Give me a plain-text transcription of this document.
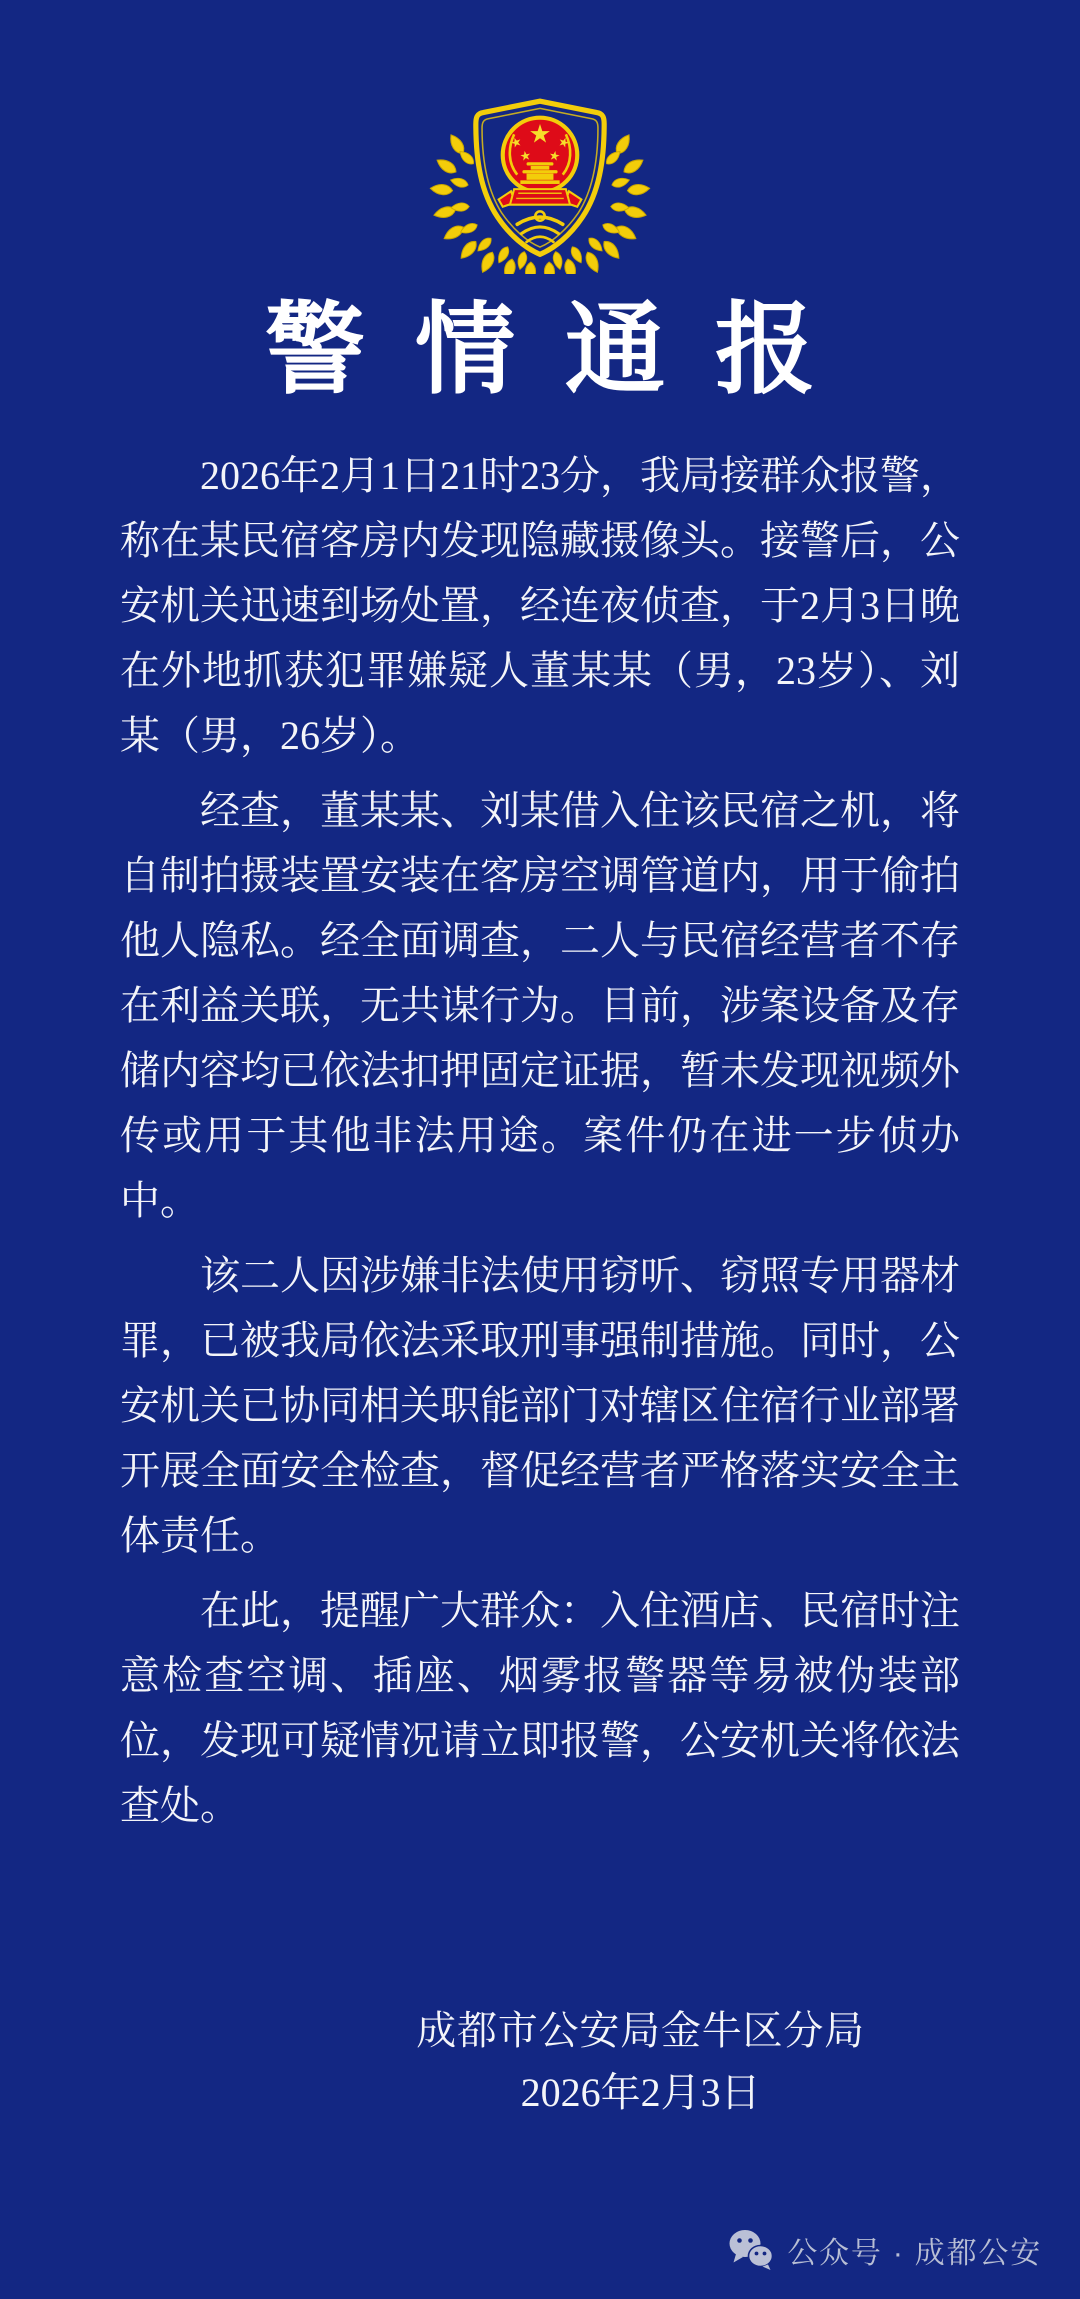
警情通报

2026年2月1日21时23分，我局接群众报警，称在某民宿客房内发现隐藏摄像头。接警后，公安机关迅速到场处置，经连夜侦查，于2月3日晚在外地抓获犯罪嫌疑人董某某（男，23岁）、刘某（男，26岁）。

经查，董某某、刘某借入住该民宿之机，将自制拍摄装置安装在客房空调管道内，用于偷拍他人隐私。经全面调查，二人与民宿经营者不存在利益关联，无共谋行为。目前，涉案设备及存储内容均已依法扣押固定证据，暂未发现视频外传或用于其他非法用途。案件仍在进一步侦办中。

该二人因涉嫌非法使用窃听、窃照专用器材罪，已被我局依法采取刑事强制措施。同时，公安机关已协同相关职能部门对辖区住宿行业部署开展全面安全检查，督促经营者严格落实安全主体责任。

在此，提醒广大群众：入住酒店、民宿时注意检查空调、插座、烟雾报警器等易被伪装部位，发现可疑情况请立即报警，公安机关将依法查处。

成都市公安局金牛区分局
2026年2月3日
公众号 · 成都公安
